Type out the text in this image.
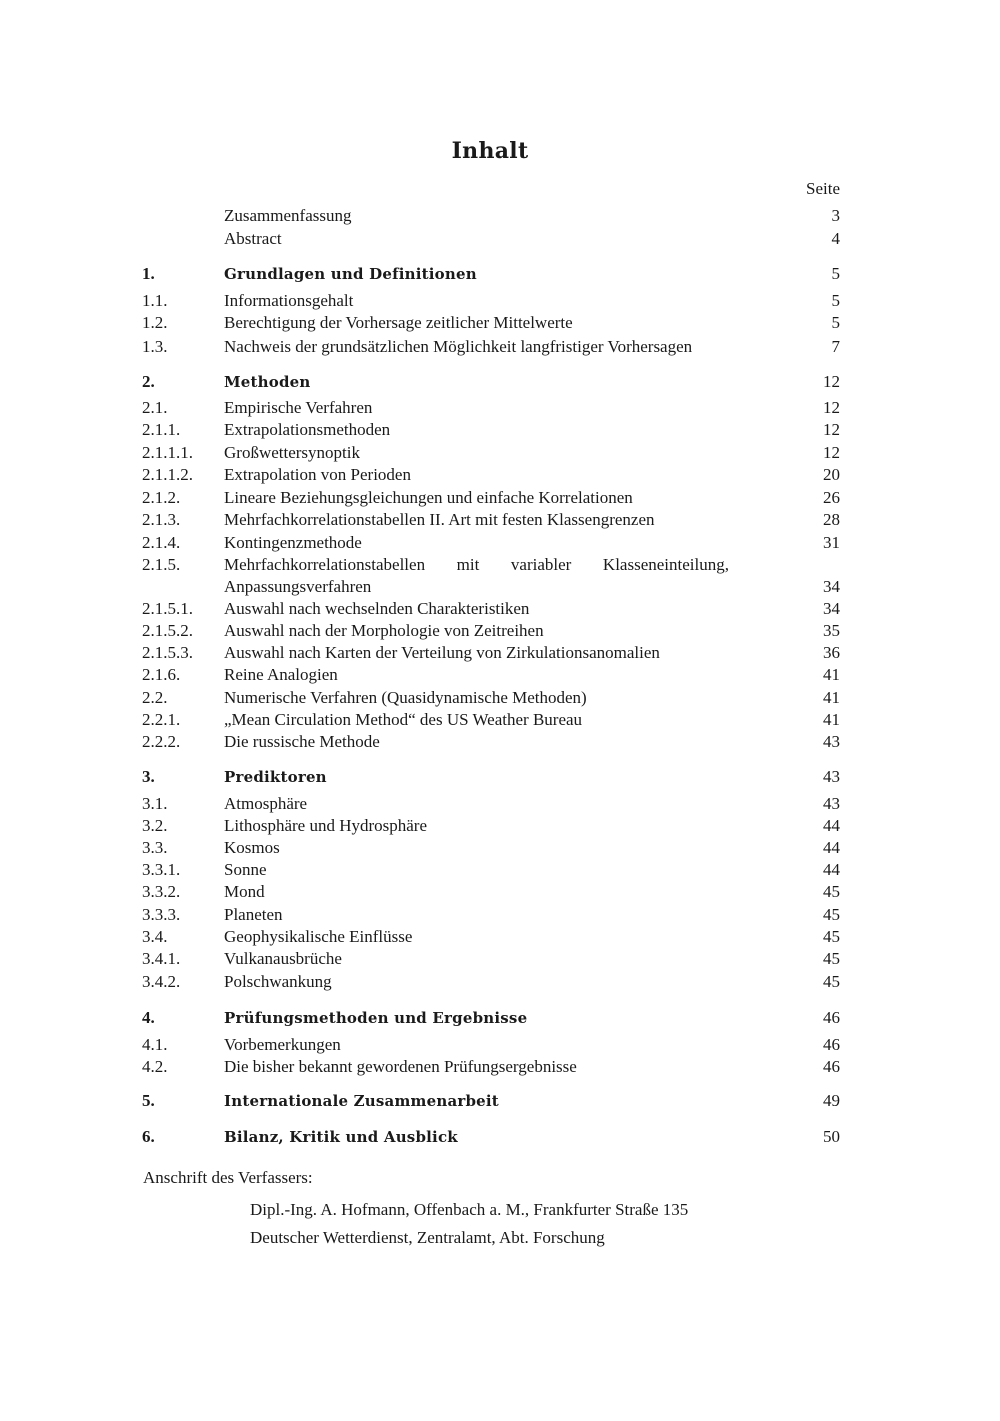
Inhalt
Seite
Zusammenfassung	3
Abstract	4
1.	Grundlagen und Definitionen	5
1.1.	Informationsgehalt	5
1.2.	Berechtigung der Vorhersage zeitlicher Mittelwerte	5
1.3.	Nachweis der grundsätzlichen Möglichkeit langfristiger Vorhersagen	7
2.	Methoden	12
2.1.	Empirische Verfahren	12
2.1.1.	Extrapolationsmethoden	12
2.1.1.1. Großwettersynoptik	12
2.1.1.2. Extrapolation von Perioden	20
2.1.2.	Lineare Beziehungsgleichungen und einfache Korrelationen	26
2.1.3.	Mehrfachkorrelationstabellen II. Art mit festen Klassengrenzen	28
2.1.4.	Kontingenzmethode	31
2.1.5.	Mehrfachkorrelationstabellen mit variabler Klasseneinteilung,
Anpassungsverfahren	34
2.1.5.1. Auswahl nach wechselnden Charakteristiken	34
2.1.5.2. Auswahl nach der Morphologie von Zeitreihen	35
2.1.5.3. Auswahl nach Karten der Verteilung von Zirkulationsanomalien	36
2.1.6.	Reine Analogien	41
2.2.	Numerische Verfahren (Quasidynamische Methoden)	41
2.2.1.	„Mean Circulation Method“ des US Weather Bureau	41
2.2.2.	Die russische Methode	43
3.	Prediktoren	43
3.1.	Atmosphäre	43
3.2.	Lithosphäre und Hydrosphäre	44
3.3.	Kosmos	44
3.3.1.	Sonne	44
3.3.2.	Mond	45
3.3.3.	Planeten	45
3.4.	Geophysikalische Einflüsse	45
3.4.1.	Vulkanausbrüche	45
3.4.2.	Polschwankung	45
4.	Prüfungsmethoden und Ergebnisse	46
4.1.	Vorbemerkungen	46
4.2.	Die bisher bekannt gewordenen Prüfungsergebnisse	46
5.	Internationale Zusammenarbeit	49
6.	Bilanz, Kritik und Ausblick	50
Anschrift des Verfassers:
Dipl.-Ing. A. Hofmann, Offenbach a. M., Frankfurter Straße 135
Deutscher Wetterdienst, Zentralamt, Abt. Forschung
